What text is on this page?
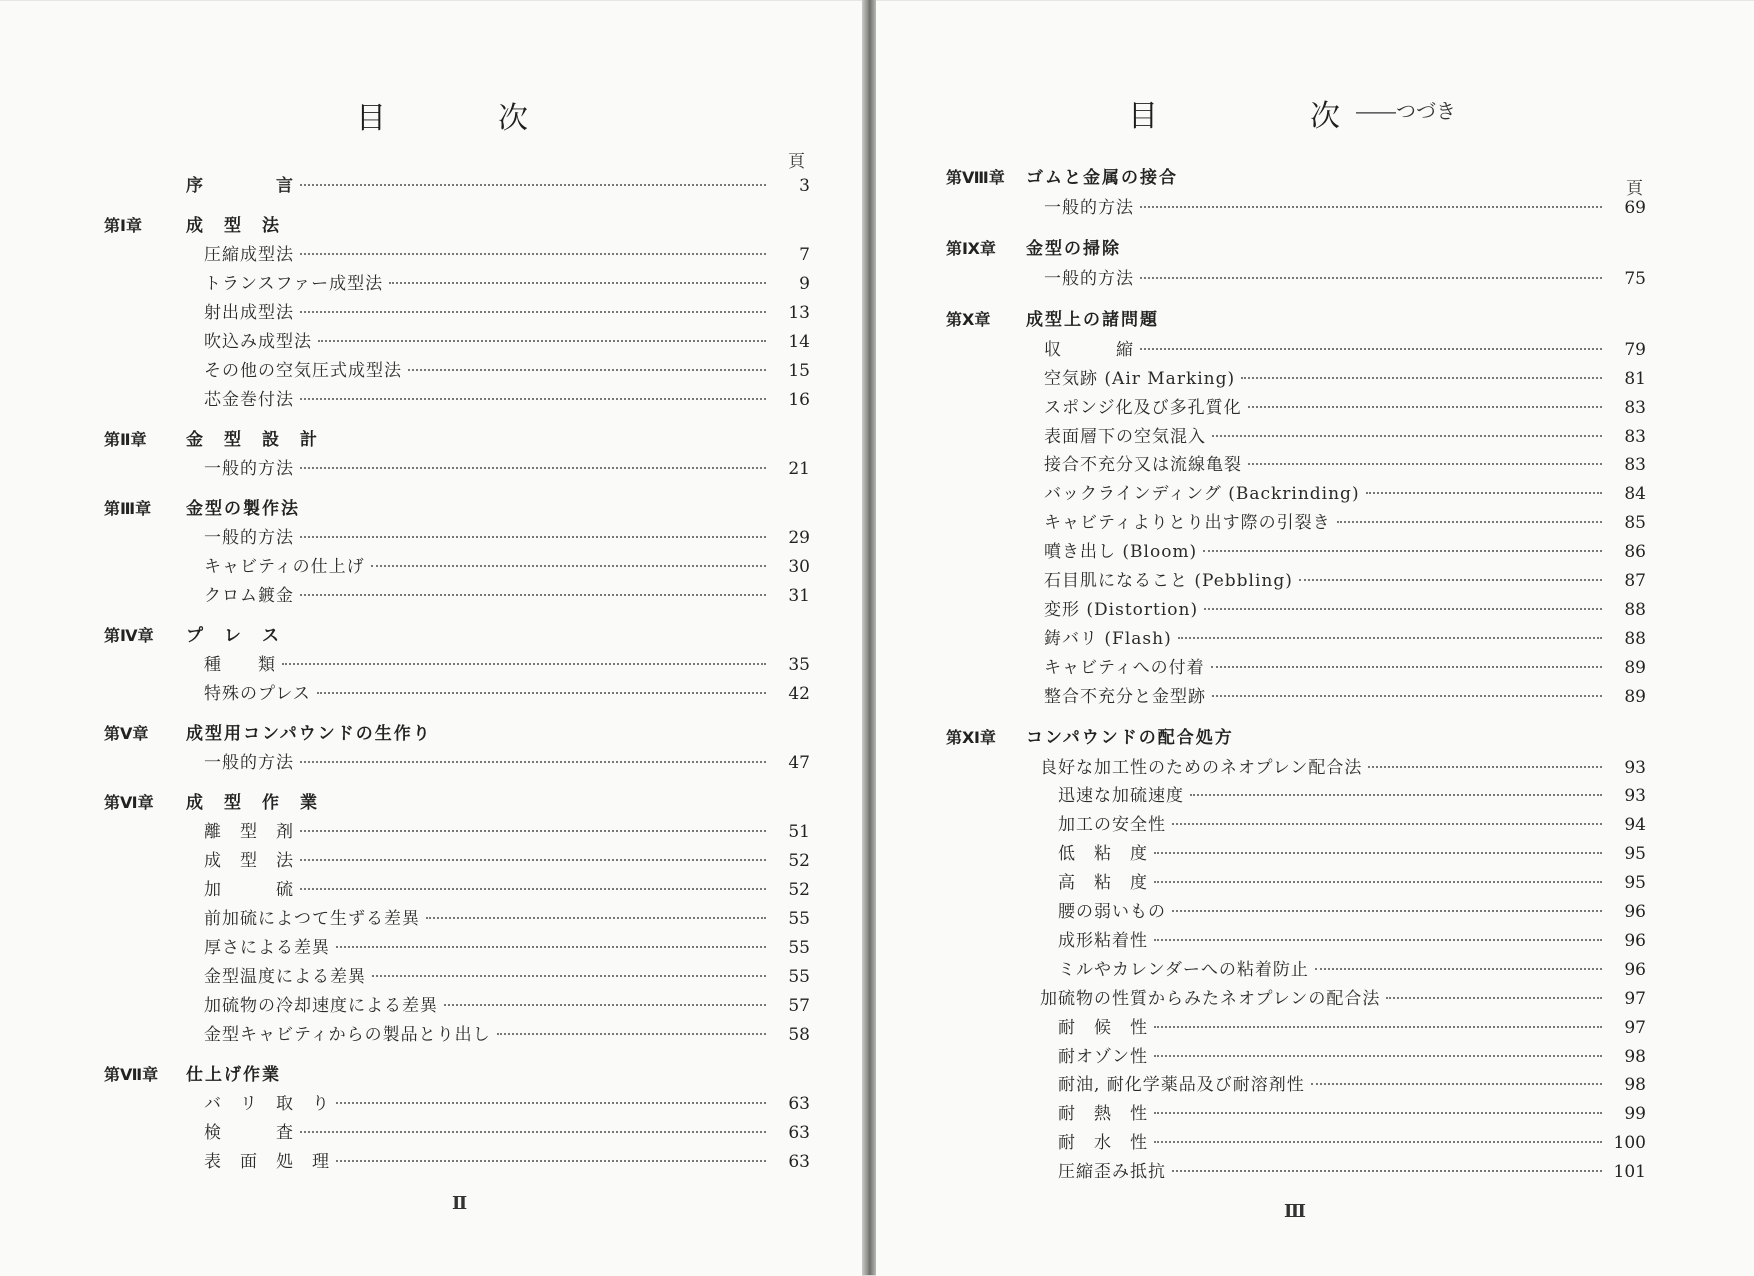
目	次
頁
序　　　　言	3
第Ⅰ章	成　型　法
圧縮成型法	7
トランスファー成型法	9
射出成型法	13
吹込み成型法	14
その他の空気圧式成型法	15
芯金巻付法	16
第Ⅱ章 金　型　設　計
一般的方法	21
第Ⅲ章 金型の製作法
一般的方法	29
キャビティの仕上げ	30
クロム鍍金	31
第Ⅳ章 プ　レ　ス
種　　類	35
特殊のプレス	42
第Ⅴ章 成型用コンパウンドの生作り
一般的方法	47
第Ⅵ章 成　型　作　業
離　型　剤	51
成　型　法	52
加　　　硫	52
前加硫によつて生ずる差異	55
厚さによる差異	55
金型温度による差異	55
加硫物の冷却速度による差異	57
金型キャビティからの製品とり出し	58
第Ⅶ章 仕上げ作業
バ　リ　取　り	63
検　　　査	63
表　面　処　理	63
Ⅱ
目	次 ――つづき
頁
第Ⅷ章 ゴムと金属の接合
一般的方法	69
第Ⅸ章 金型の掃除
一般的方法	75
第Ⅹ章 成型上の諸問題
収　　　縮	79
空気跡 (Air Marking)	81
スポンジ化及び多孔質化	83
表面層下の空気混入	83
接合不充分又は流線亀裂	83
バックラインディング (Backrinding)	84
キャビティよりとり出す際の引裂き	85
噴き出し (Bloom)	86
石目肌になること (Pebbling)	87
変形 (Distortion)	88
鋳バリ (Flash)	88
キャビティへの付着	89
整合不充分と金型跡	89
第Ⅺ章 コンパウンドの配合処方
良好な加工性のためのネオプレン配合法	93
迅速な加硫速度	93
加工の安全性	94
低　粘　度	95
高　粘　度	95
腰の弱いもの	96
成形粘着性	96
ミルやカレンダーへの粘着防止	96
加硫物の性質からみたネオプレンの配合法	97
耐　候　性	97
耐オゾン性	98
耐油, 耐化学薬品及び耐溶剤性	98
耐　熱　性	99
耐　水　性	100
圧縮歪み抵抗	101
Ⅲ
